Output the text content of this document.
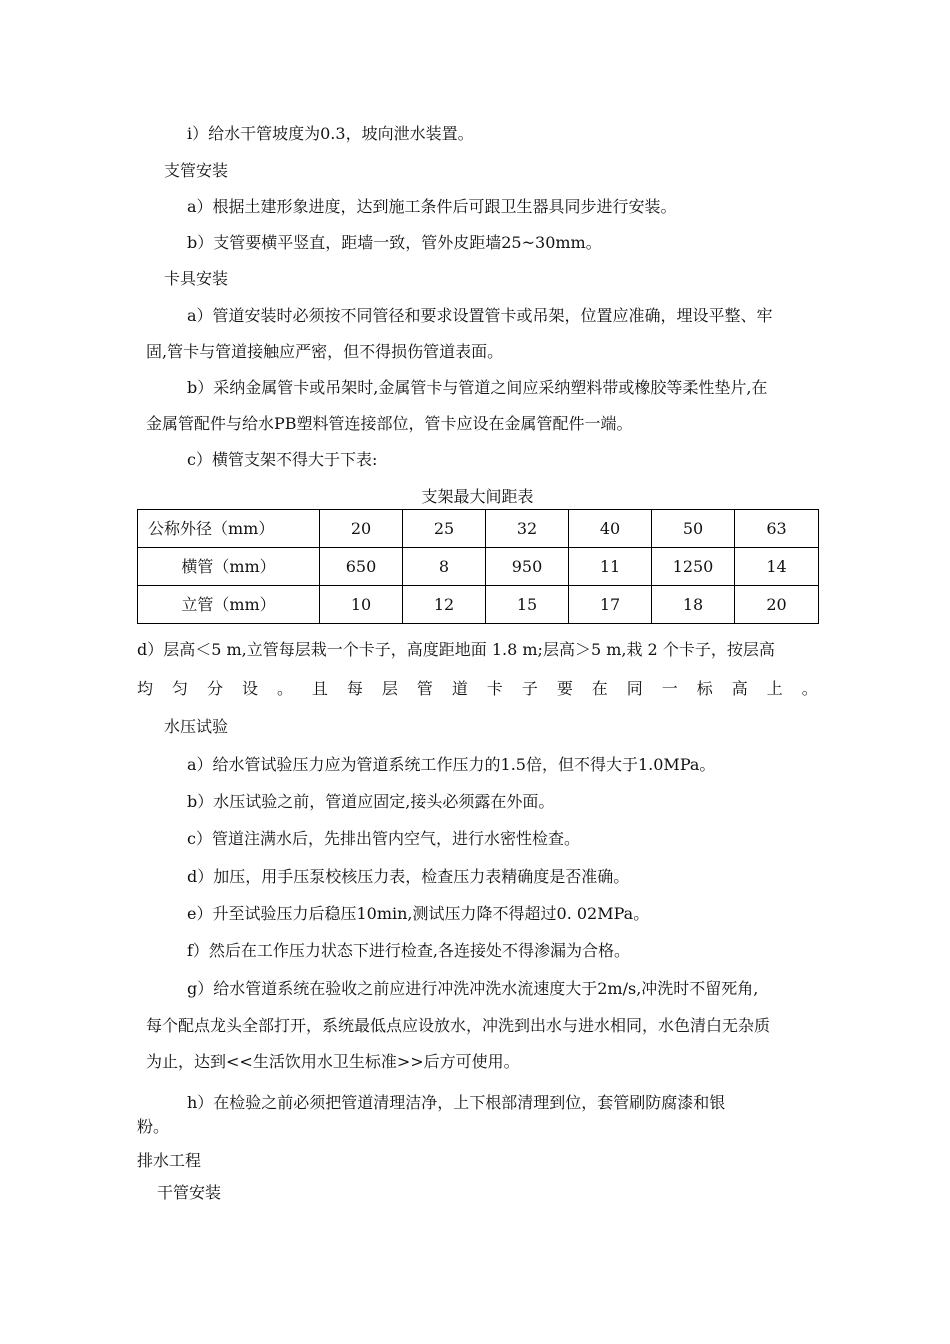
i）给水干管坡度为0.3，坡向泄水装置。
支管安装
a）根据土建形象进度，达到施工条件后可跟卫生器具同步进行安装。
b）支管要横平竖直，距墙一致，管外皮距墙25~30mm。
卡具安装
a）管道安装时必须按不同管径和要求设置管卡或吊架，位置应准确，埋设平整、牢
固,管卡与管道接触应严密，但不得损伤管道表面。
b）采纳金属管卡或吊架时,金属管卡与管道之间应采纳塑料带或橡胶等柔性垫片,在
金属管配件与给水PB塑料管连接部位，管卡应设在金属管配件一端。
c）横管支架不得大于下表:
支架最大间距表
公称外径（mm）	20	25	32	40	50	63
横管（mm）	650	8	950	11	1250	14
立管（mm）	10	12	15	17	18	20
d）层高＜5 m,立管每层栽一个卡子，高度距地面 1.8 m;层高＞5 m,栽 2 个卡子，按层高
均 匀 分 设 。 且 每 层 管 道 卡 子 要 在 同 一 标 高 上 。
水压试验
a）给水管试验压力应为管道系统工作压力的1.5倍，但不得大于1.0MPa。
b）水压试验之前，管道应固定,接头必须露在外面。
c）管道注满水后，先排出管内空气，进行水密性检查。
d）加压，用手压泵校核压力表，检查压力表精确度是否准确。
e）升至试验压力后稳压10min,测试压力降不得超过0. 02MPa。
f）然后在工作压力状态下进行检查,各连接处不得渗漏为合格。
g）给水管道系统在验收之前应进行冲洗冲洗水流速度大于2m/s,冲洗时不留死角,
每个配点龙头全部打开，系统最低点应设放水，冲洗到出水与进水相同，水色清白无杂质
为止，达到<<生活饮用水卫生标准>>后方可使用。
h）在检验之前必须把管道清理洁净，上下根部清理到位，套管刷防腐漆和银
粉。
排水工程
干管安装
